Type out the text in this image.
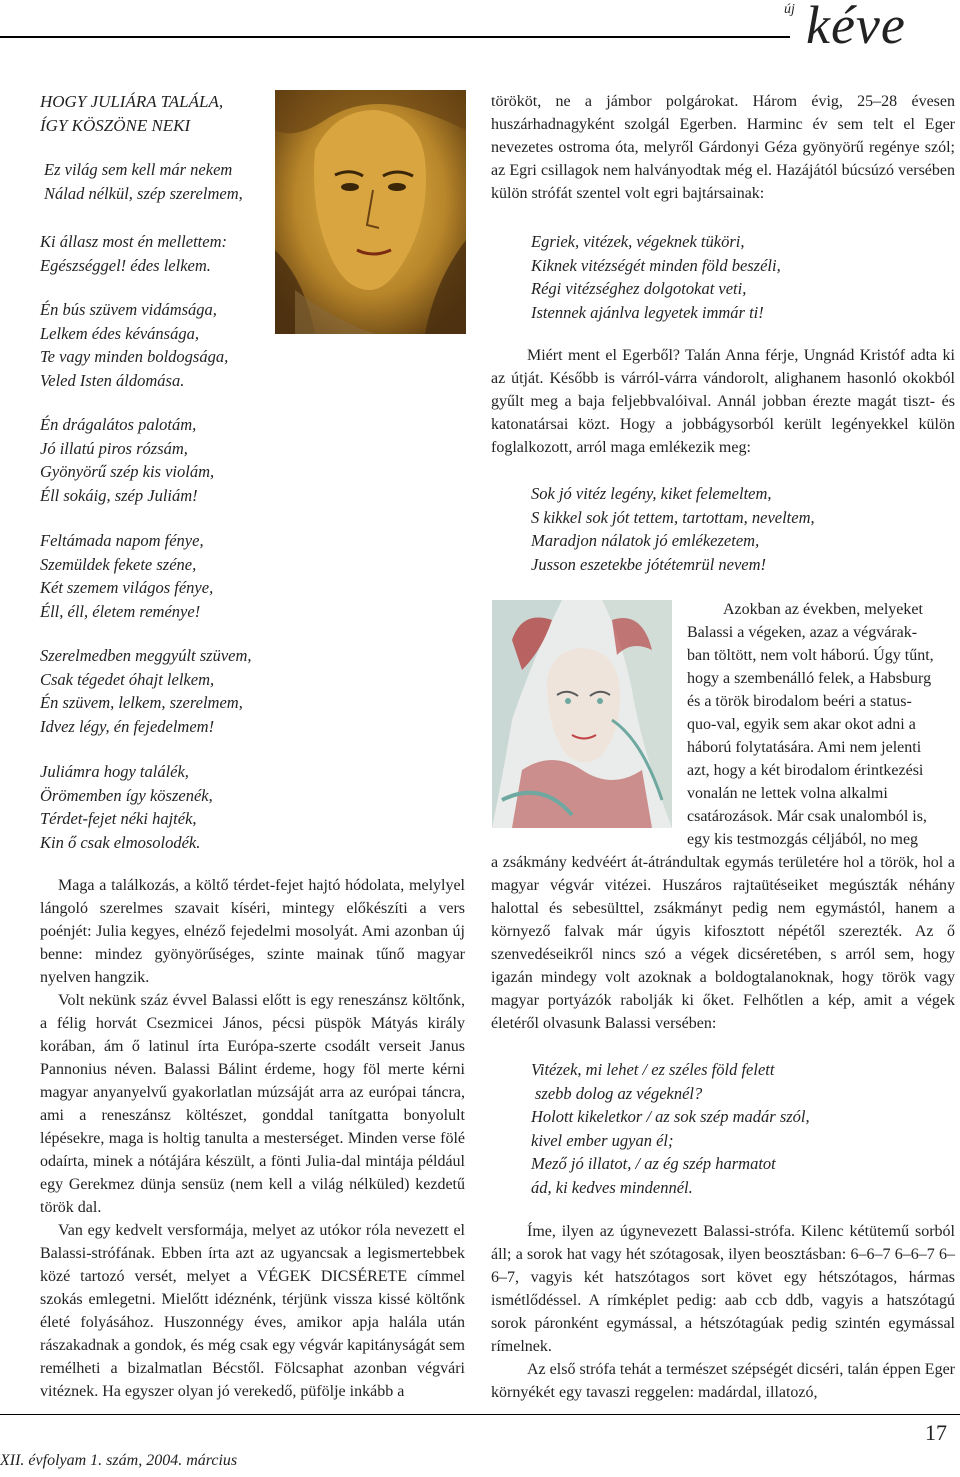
új kéve
HOGY JULIÁRA TALÁLA,
ÍGY KÖSZÖNE NEKI
Ez világ sem kell már nekem
Nálad nélkül, szép szerelmem,
Ki állasz most én mellettem:
Egészséggel! édes lelkem.
Én bús szüvem vidámsága,
Lelkem édes kévánsága,
Te vagy minden boldogsága,
Veled Isten áldomása.
Én drágalátos palotám,
Jó illatú piros rózsám,
Gyönyörű szép kis violám,
Éll sokáig, szép Juliám!
Feltámada napom fénye,
Szemüldek fekete széne,
Két szemem világos fénye,
Éll, éll, életem reménye!
Szerelmedben meggyúlt szüvem,
Csak tégedet óhajt lelkem,
Én szüvem, lelkem, szerelmem,
Idvez légy, én fejedelmem!
Juliámra hogy találék,
Örömemben így köszenék,
Térdet-fejet néki hajték,
Kin ő csak elmosolodék.

Maga a találkozás, a költő térdet-fejet hajtó hódolata, melylyel lángoló szerelmes szavait kíséri, mintegy előkészíti a vers poénjét: Julia kegyes, elnéző fejedelmi mosolyát. Ami azonban új benne: mindez gyönyörűséges, szinte mainak tűnő magyar nyelven hangzik.

Volt nekünk száz évvel Balassi előtt is egy reneszánsz költőnk, a félig horvát Csezmicei János, pécsi püspök Mátyás király korában, ám ő latinul írta Európa-szerte csodált verseit Janus Pannonius néven. Balassi Bálint érdeme, hogy föl merte kérni magyar anyanyelvű gyakorlatlan múzsáját arra az európai táncra, ami a reneszánsz költészet, gonddal tanítgatta bonyolult lépésekre, maga is holtig tanulta a mesterséget. Minden verse fölé odaírta, minek a nótájára készült, a fönti Julia-dal mintája például egy Gerekmez dünja sensüz (nem kell a világ nélküled) kezdetű török dal.

Van egy kedvelt versformája, melyet az utókor róla nevezett el Balassi-strófának. Ebben írta azt az ugyancsak a legismertebbek közé tartozó versét, melyet a VÉGEK DICSÉRETE címmel szokás emlegetni. Mielőtt idéznénk, térjünk vissza kissé költőnk életé folyásához. Huszonnégy éves, amikor apja halála után rászakadnak a gondok, és még csak egy végvár kapitányságát sem remélheti a bizalmatlan Bécstől. Fölcsaphat azonban végvári vitéznek. Ha egyszer olyan jó verekedő, püfölje inkább a

törököt, ne a jámbor polgárokat. Három évig, 25–28 évesen huszárhadnagyként szolgál Egerben. Harminc év sem telt el Eger nevezetes ostroma óta, melyről Gárdonyi Géza gyönyörű regénye szól; az Egri csillagok nem halványodtak még el. Hazájától búcsúzó versében külön strófát szentel volt egri bajtársainak:

Egriek, vitézek, végeknek tüköri,
Kiknek vitézségét minden föld beszéli,
Régi vitézséghez dolgotokat veti,
Istennek ajánlva legyetek immár ti!

Miért ment el Egerből? Talán Anna férje, Ungnád Kristóf adta ki az útját. Később is várról-várra vándorolt, alighanem hasonló okokból gyűlt meg a baja feljebbvalóival. Annál jobban érezte magát tiszt- és katonatársai közt. Hogy a jobbágysorból került legényekkel külön foglalkozott, arról maga emlékezik meg:

Sok jó vitéz legény, kiket felemeltem,
S kikkel sok jót tettem, tartottam, neveltem,
Maradjon nálatok jó emlékezetem,
Jusson eszetekbe jótétemrül nevem!
Azokban az években, melyeket
Balassi a végeken, azaz a végvárak-
ban töltött, nem volt háború. Úgy tűnt,
hogy a szembenálló felek, a Habsburg
és a török birodalom beéri a status-
quo-val, egyik sem akar okot adni a
háború folytatására. Ami nem jelenti
azt, hogy a két birodalom érintkezési
vonalán ne lettek volna alkalmi
csatározások. Már csak unalomból is,
egy kis testmozgás céljából, no meg

a zsákmány kedvéért át-átrándultak egymás területére hol a török, hol a magyar végvár vitézei. Huszáros rajtaütéseiket megúszták néhány halottal és sebesülttel, zsákmányt pedig nem egymástól, hanem a környező falvak már úgyis kifosztott népétől szerezték. Az ő szenvedéseikről nincs szó a végek dicséretében, s arról sem, hogy igazán mindegy volt azoknak a boldogtalanoknak, hogy török vagy magyar portyázók rabolják ki őket. Felhőtlen a kép, amit a végek életéről olvasunk Balassi versében:

Vitézek, mi lehet / ez széles föld felett
szebb dolog az végeknél?
Holott kikeletkor / az sok szép madár szól,
kivel ember ugyan él;
Mező jó illatot, / az ég szép harmatot
ád, ki kedves mindennél.

Íme, ilyen az úgynevezett Balassi-strófa. Kilenc kétütemű sorból áll; a sorok hat vagy hét szótagosak, ilyen beosztásban: 6–6–7 6–6–7 6–6–7, vagyis két hatszótagos sort követ egy hétszótagos, hármas ismétlődéssel. A rímképlet pedig: aab ccb ddb, vagyis a hatszótagú sorok páronként egymással, a hétszótagúak pedig szintén egymással rímelnek.

Az első strófa tehát a természet szépségét dicséri, talán éppen Eger környékét egy tavaszi reggelen: madárdal, illatozó,

XII. évfolyam 1. szám, 2004. március
17
